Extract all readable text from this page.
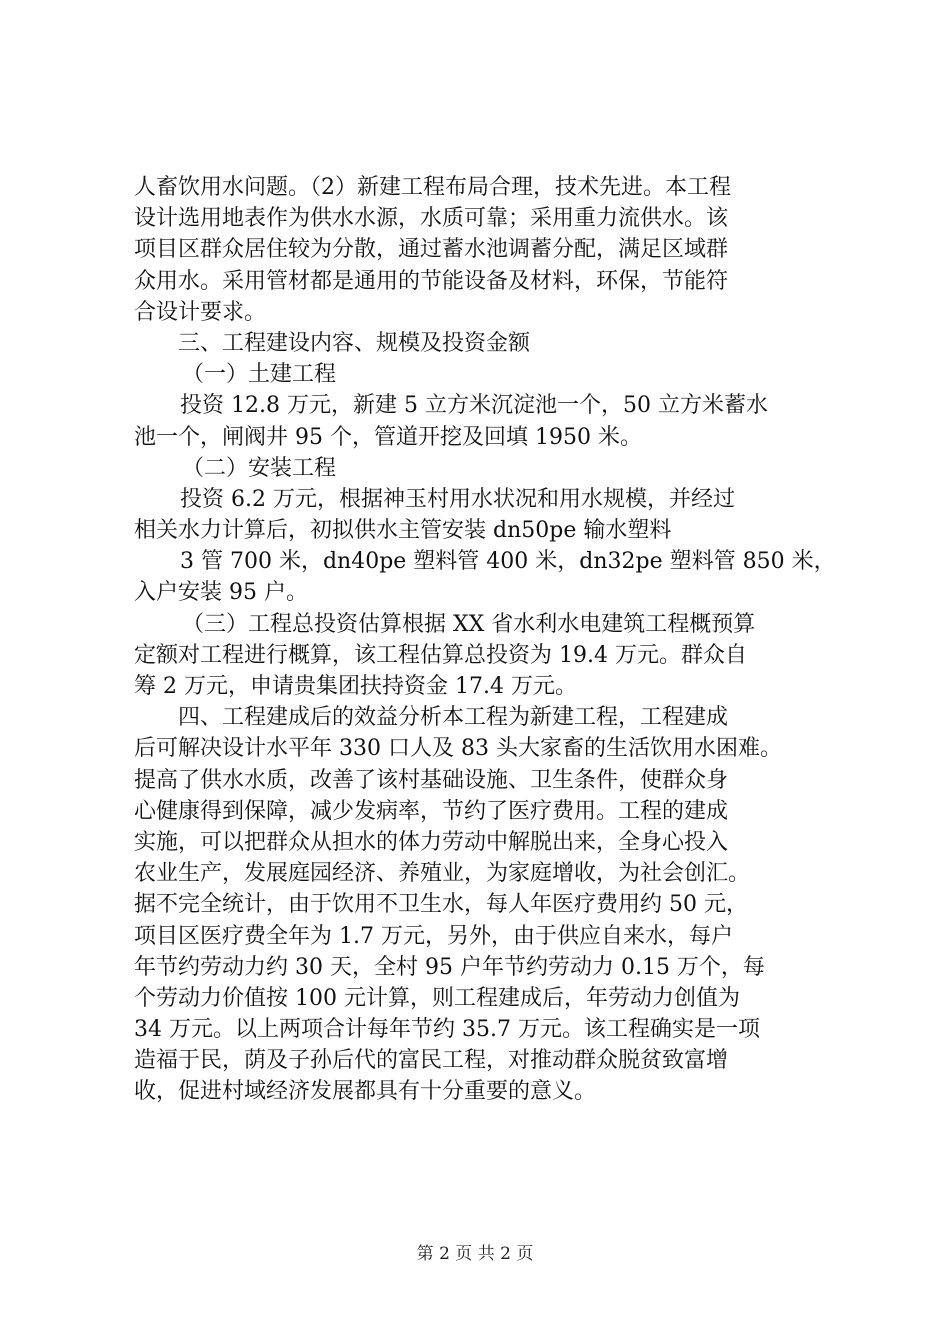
人畜饮用水问题。（2）新建工程布局合理，技术先进。本工程
设计选用地表作为供水水源，水质可靠；采用重力流供水。该
项目区群众居住较为分散，通过蓄水池调蓄分配，满足区域群
众用水。采用管材都是通用的节能设备及材料，环保，节能符
合设计要求。
三、工程建设内容、规模及投资金额
（一）土建工程
投资 12.8 万元，新建 5 立方米沉淀池一个，50 立方米蓄水
池一个，闸阀井 95 个，管道开挖及回填 1950 米。
（二）安装工程
投资 6.2 万元，根据神玉村用水状况和用水规模，并经过
相关水力计算后，初拟供水主管安装 dn50pe 输水塑料
3 管 700 米，dn40pe 塑料管 400 米，dn32pe 塑料管 850 米，
入户安装 95 户。
（三）工程总投资估算根据 XX 省水利水电建筑工程概预算
定额对工程进行概算，该工程估算总投资为 19.4 万元。群众自
筹 2 万元，申请贵集团扶持资金 17.4 万元。
四、工程建成后的效益分析本工程为新建工程，工程建成
后可解决设计水平年 330 口人及 83 头大家畜的生活饮用水困难。
提高了供水水质，改善了该村基础设施、卫生条件，使群众身
心健康得到保障，减少发病率，节约了医疗费用。工程的建成
实施，可以把群众从担水的体力劳动中解脱出来，全身心投入
农业生产，发展庭园经济、养殖业，为家庭增收，为社会创汇。
据不完全统计，由于饮用不卫生水，每人年医疗费用约 50 元，
项目区医疗费全年为 1.7 万元，另外，由于供应自来水，每户
年节约劳动力约 30 天，全村 95 户年节约劳动力 0.15 万个，每
个劳动力价值按 100 元计算，则工程建成后，年劳动力创值为
34 万元。以上两项合计每年节约 35.7 万元。该工程确实是一项
造福于民，荫及子孙后代的富民工程，对推动群众脱贫致富增
收，促进村域经济发展都具有十分重要的意义。
第 2 页 共 2 页
